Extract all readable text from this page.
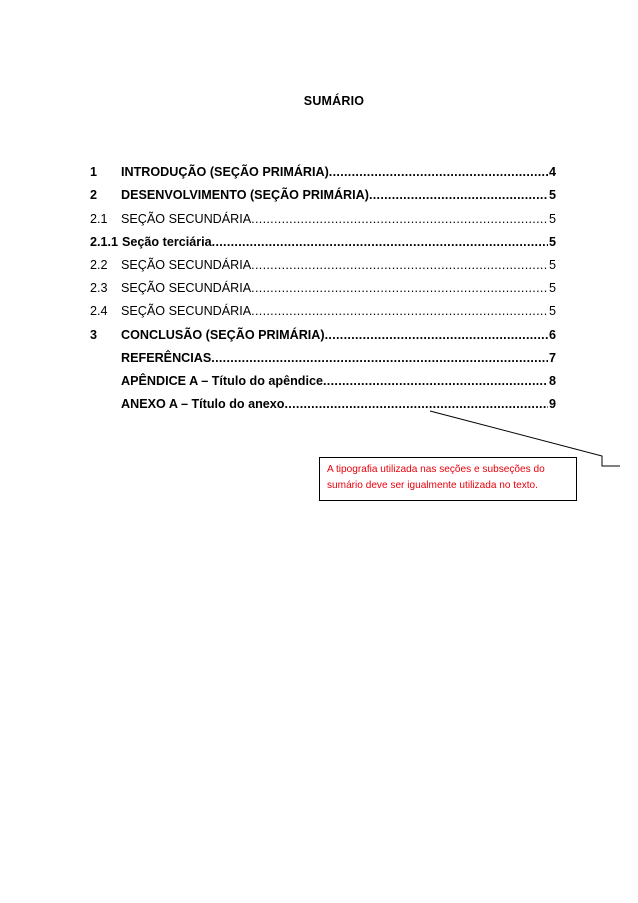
SUMÁRIO
1	INTRODUÇÃO (SEÇÃO PRIMÁRIA) .....	4
2	DESENVOLVIMENTO (SEÇÃO PRIMÁRIA) .....	5
2.1	SEÇÃO SECUNDÁRIA .....	5
2.1.1 Seção terciária .....	5
2.2	SEÇÃO SECUNDÁRIA .....	5
2.3	SEÇÃO SECUNDÁRIA .....	5
2.4	SEÇÃO SECUNDÁRIA .....	5
3	CONCLUSÃO (SEÇÃO PRIMÁRIA) .....	6
REFERÊNCIAS .....	7
APÊNDICE A – Título do apêndice .....	8
ANEXO A – Título do anexo .....	9
A tipografia utilizada nas seções e subseções do sumário deve ser igualmente utilizada no texto.
